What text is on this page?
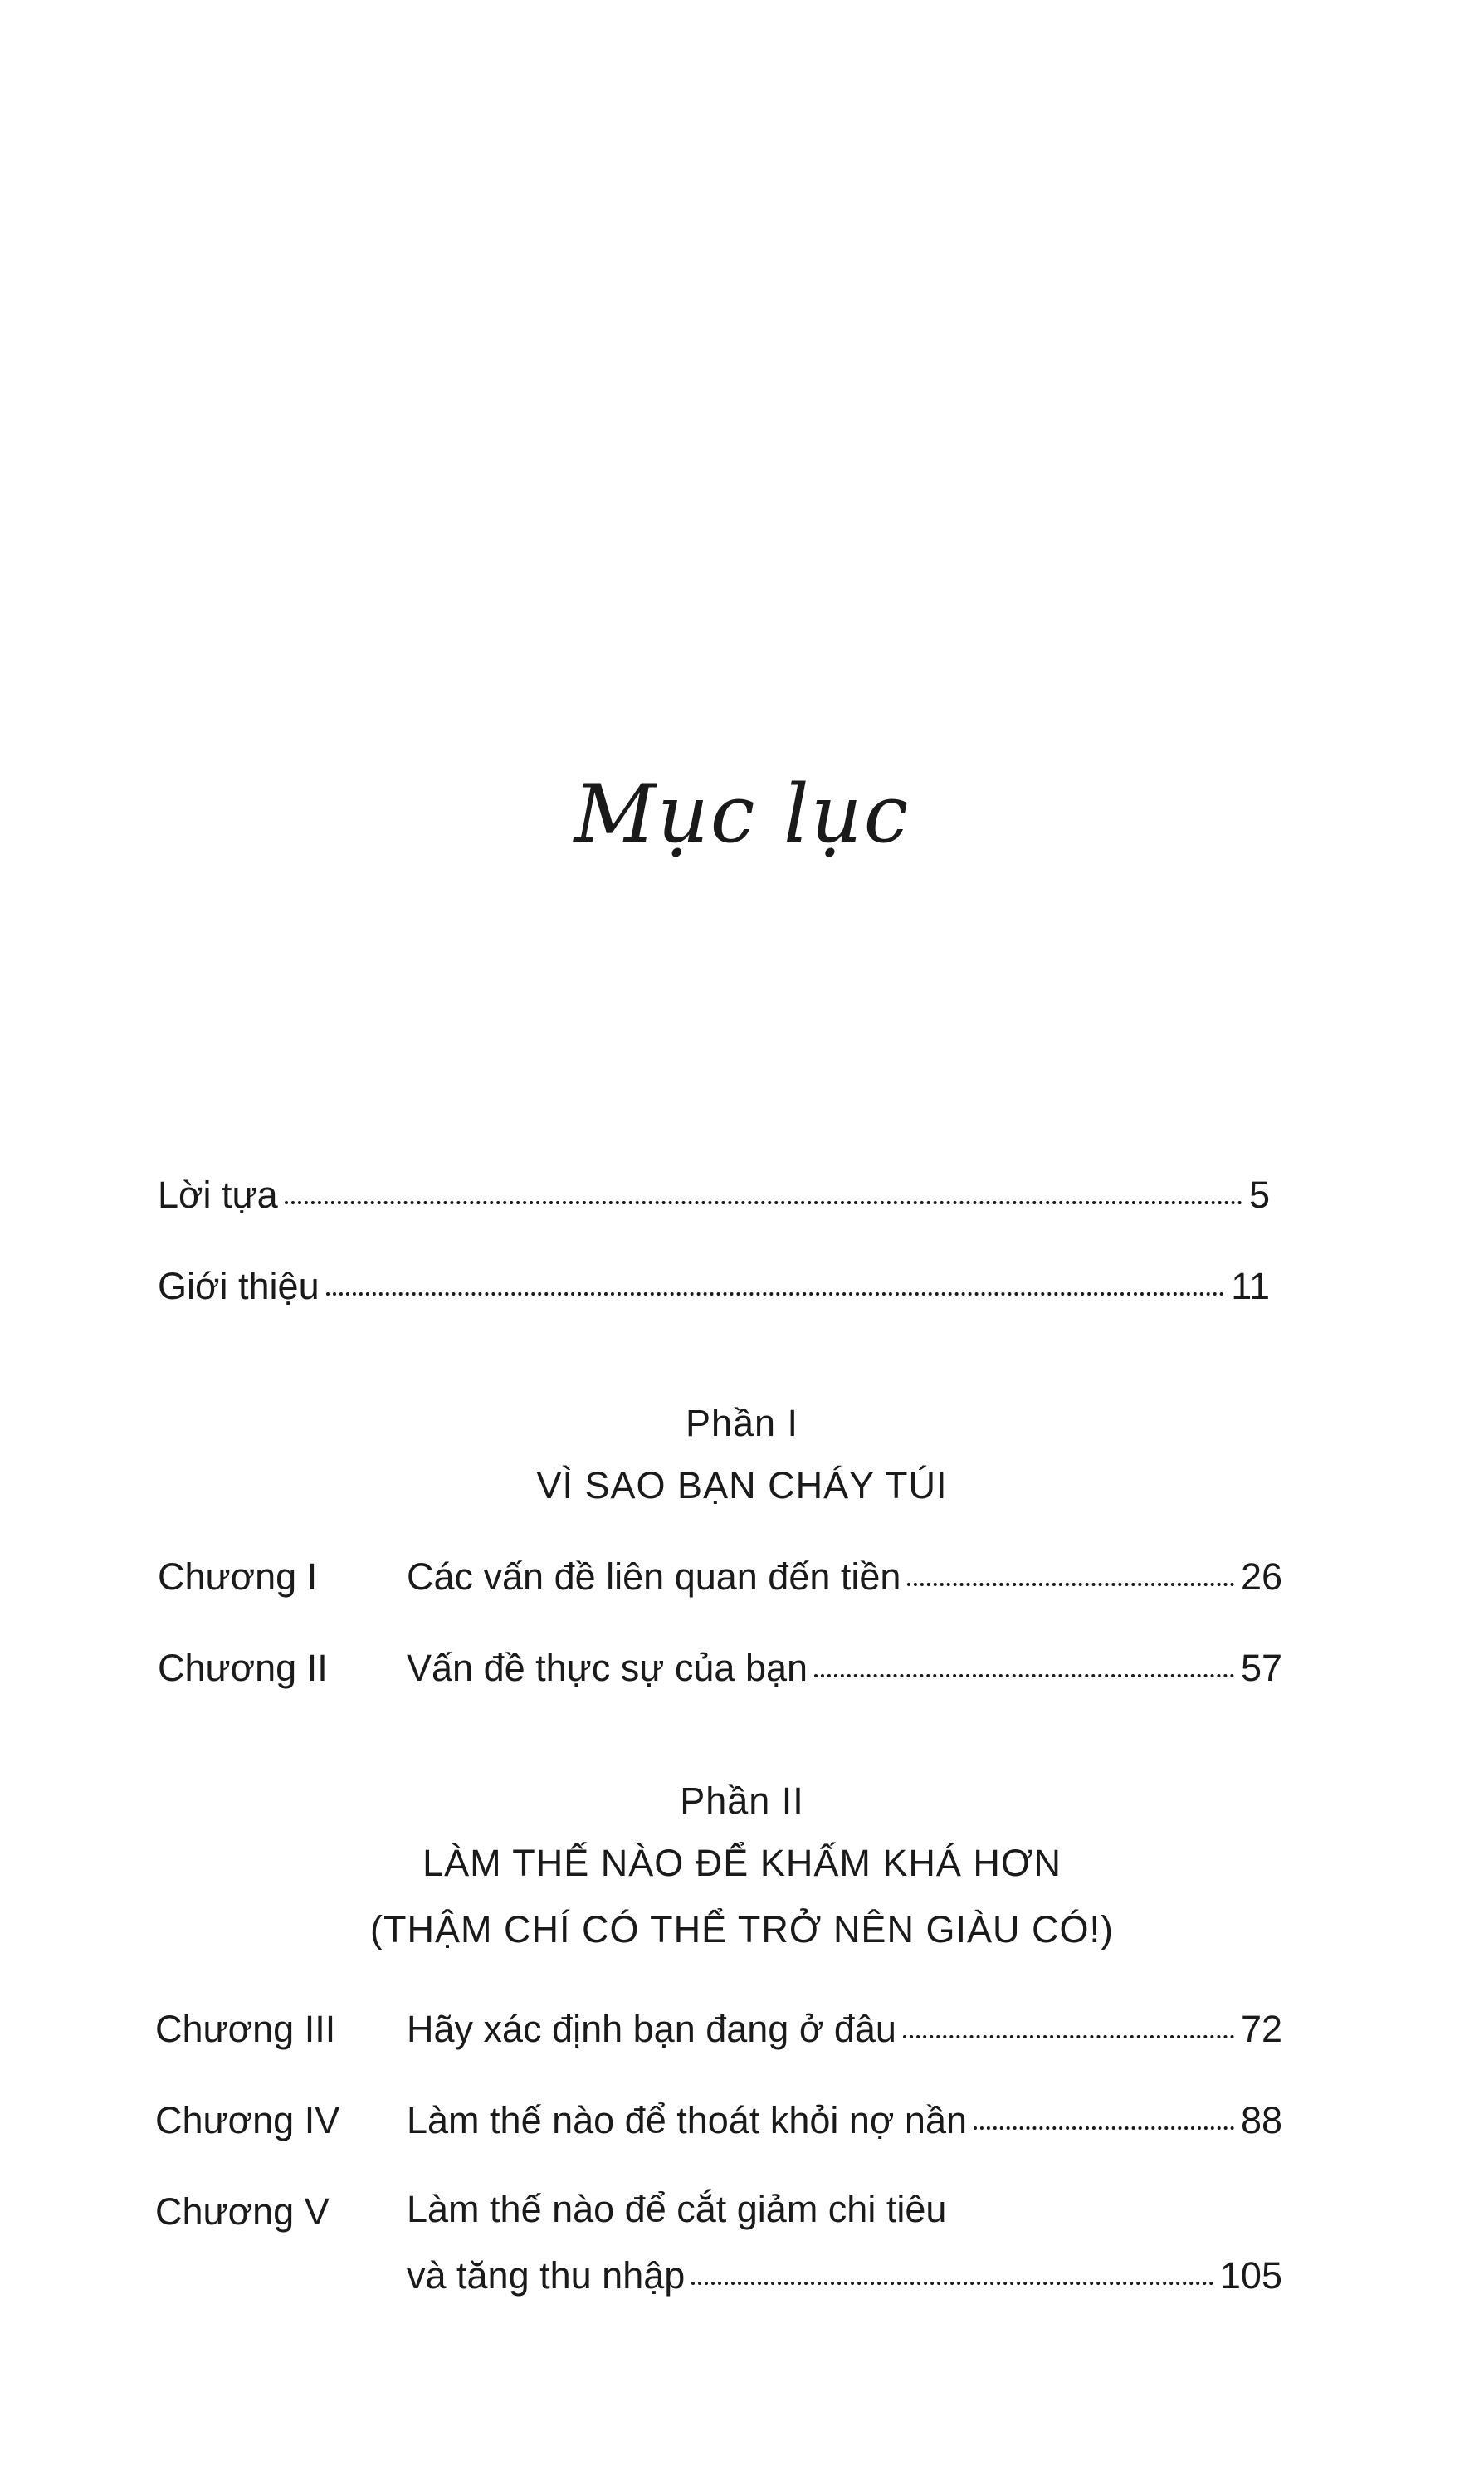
Mục lục
Lời tựa	5
Giới thiệu	11
Phần I
VÌ SAO BẠN CHÁY TÚI
Chương I Các vấn đề liên quan đến tiền	26
Chương II Vấn đề thực sự của bạn	57
Phần II
LÀM THẾ NÀO ĐỂ KHẤM KHÁ HƠN
(THẬM CHÍ CÓ THỂ TRỞ NÊN GIÀU CÓ!)
Chương III Hãy xác định bạn đang ở đâu	72
Chương IV Làm thế nào để thoát khỏi nợ nần	88
Chương V Làm thế nào để cắt giảm chi tiêu
và tăng thu nhập	105
